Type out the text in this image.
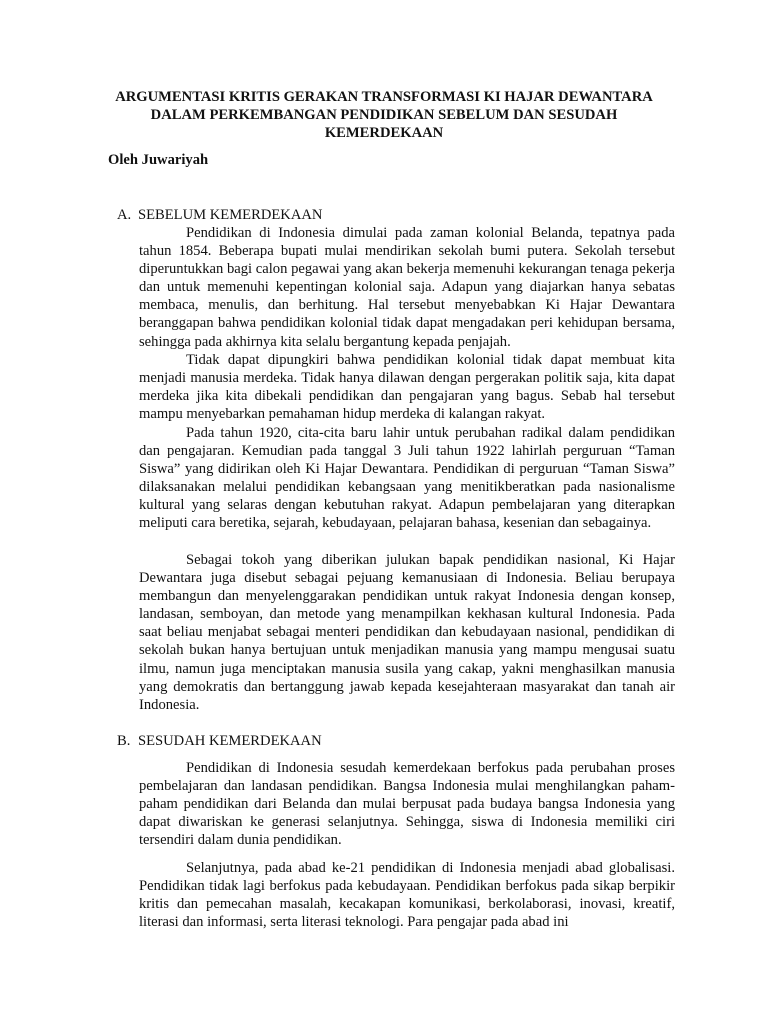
ARGUMENTASI KRITIS GERAKAN TRANSFORMASI KI HAJAR DEWANTARA
DALAM PERKEMBANGAN PENDIDIKAN SEBELUM DAN SESUDAH
KEMERDEKAAN

Oleh Juwariyah

A. SEBELUM KEMERDEKAAN

Pendidikan di Indonesia dimulai pada zaman kolonial Belanda, tepatnya pada tahun 1854. Beberapa bupati mulai mendirikan sekolah bumi putera. Sekolah tersebut diperuntukkan bagi calon pegawai yang akan bekerja memenuhi kekurangan tenaga pekerja dan untuk memenuhi kepentingan kolonial saja. Adapun yang diajarkan hanya sebatas membaca, menulis, dan berhitung. Hal tersebut menyebabkan Ki Hajar Dewantara beranggapan bahwa pendidikan kolonial tidak dapat mengadakan peri kehidupan bersama, sehingga pada akhirnya kita selalu bergantung kepada penjajah.

Tidak dapat dipungkiri bahwa pendidikan kolonial tidak dapat membuat kita menjadi manusia merdeka. Tidak hanya dilawan dengan pergerakan politik saja, kita dapat merdeka jika kita dibekali pendidikan dan pengajaran yang bagus. Sebab hal tersebut mampu menyebarkan pemahaman hidup merdeka di kalangan rakyat.

Pada tahun 1920, cita-cita baru lahir untuk perubahan radikal dalam pendidikan dan pengajaran. Kemudian pada tanggal 3 Juli tahun 1922 lahirlah perguruan “Taman Siswa” yang didirikan oleh Ki Hajar Dewantara. Pendidikan di perguruan “Taman Siswa” dilaksanakan melalui pendidikan kebangsaan yang menitikberatkan pada nasionalisme kultural yang selaras dengan kebutuhan rakyat. Adapun pembelajaran yang diterapkan meliputi cara beretika, sejarah, kebudayaan, pelajaran bahasa, kesenian dan sebagainya.

Sebagai tokoh yang diberikan julukan bapak pendidikan nasional, Ki Hajar Dewantara juga disebut sebagai pejuang kemanusiaan di Indonesia. Beliau berupaya membangun dan menyelenggarakan pendidikan untuk rakyat Indonesia dengan konsep, landasan, semboyan, dan metode yang menampilkan kekhasan kultural Indonesia. Pada saat beliau menjabat sebagai menteri pendidikan dan kebudayaan nasional, pendidikan di sekolah bukan hanya bertujuan untuk menjadikan manusia yang mampu mengusai suatu ilmu, namun juga menciptakan manusia susila yang cakap, yakni menghasilkan manusia yang demokratis dan bertanggung jawab kepada kesejahteraan masyarakat dan tanah air Indonesia.

B. SESUDAH KEMERDEKAAN

Pendidikan di Indonesia sesudah kemerdekaan berfokus pada perubahan proses pembelajaran dan landasan pendidikan. Bangsa Indonesia mulai menghilangkan paham-paham pendidikan dari Belanda dan mulai berpusat pada budaya bangsa Indonesia yang dapat diwariskan ke generasi selanjutnya. Sehingga, siswa di Indonesia memiliki ciri tersendiri dalam dunia pendidikan.

Selanjutnya, pada abad ke-21 pendidikan di Indonesia menjadi abad globalisasi. Pendidikan tidak lagi berfokus pada kebudayaan. Pendidikan berfokus pada sikap berpikir kritis dan pemecahan masalah, kecakapan komunikasi, berkolaborasi, inovasi, kreatif, literasi dan informasi, serta literasi teknologi. Para pengajar pada abad ini
